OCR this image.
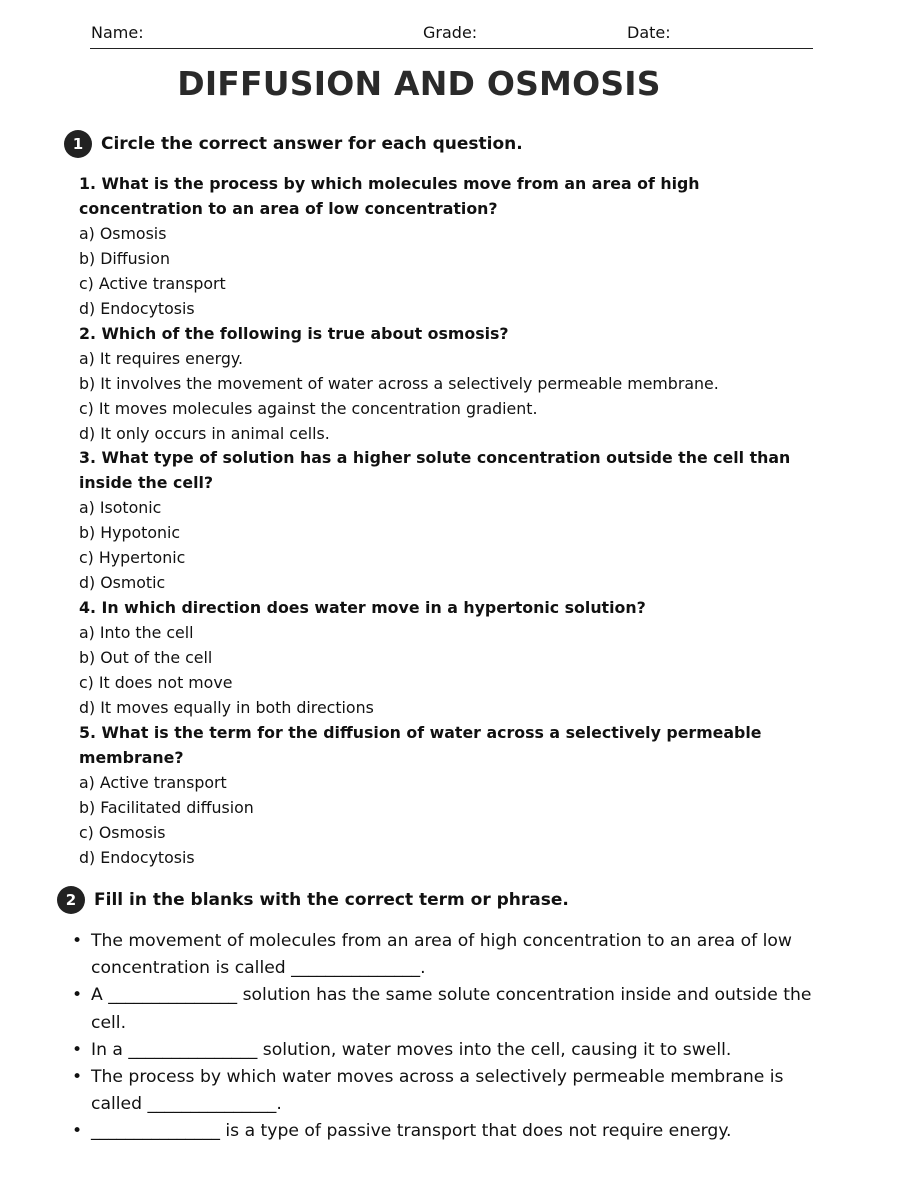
Name:	Grade:	Date:
DIFFUSION AND OSMOSIS
1	Circle the correct answer for each question.
1. What is the process by which molecules move from an area of high concentration to an area of low concentration?
a) Osmosis
b) Diffusion
c) Active transport
d) Endocytosis
2. Which of the following is true about osmosis?
a) It requires energy.
b) It involves the movement of water across a selectively permeable membrane.
c) It moves molecules against the concentration gradient.
d) It only occurs in animal cells.
3. What type of solution has a higher solute concentration outside the cell than inside the cell?
a) Isotonic
b) Hypotonic
c) Hypertonic
d) Osmotic
4. In which direction does water move in a hypertonic solution?
a) Into the cell
b) Out of the cell
c) It does not move
d) It moves equally in both directions
5. What is the term for the diffusion of water across a selectively permeable membrane?
a) Active transport
b) Facilitated diffusion
c) Osmosis
d) Endocytosis
2	Fill in the blanks with the correct term or phrase.
• The movement of molecules from an area of high concentration to an area of low concentration is called _______________.
• A _______________ solution has the same solute concentration inside and outside the cell.
• In a _______________ solution, water moves into the cell, causing it to swell.
• The process by which water moves across a selectively permeable membrane is called _______________.
• _______________ is a type of passive transport that does not require energy.
